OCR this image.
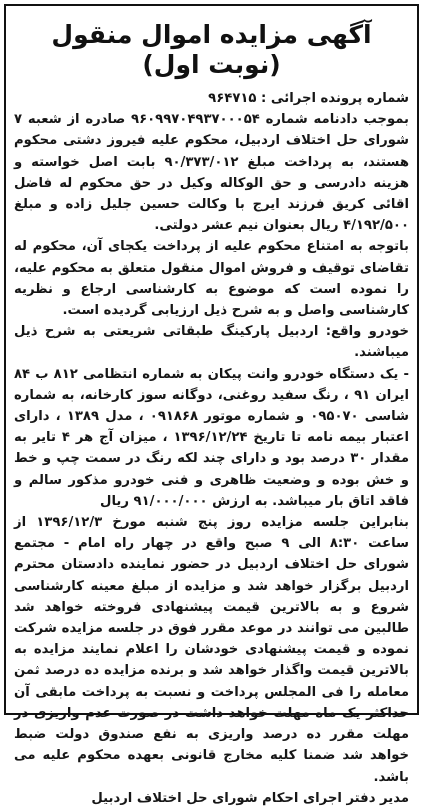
آگهی مزایده اموال منقول (نوبت اول)

شماره پرونده اجرائی : ۹۶۴۷۱۵

بموجب دادنامه شماره ۹۶۰۹۹۷۰۴۹۳۷۰۰۰۵۴ صادره از شعبه ۷ شورای حل اختلاف اردبیل، محکوم علیه فیروز دشتی محکوم هستند، به پرداخت مبلغ ۹۰/۳۷۳/۰۱۲ بابت اصل خواسته و هزینه دادرسی و حق الوکاله وکیل در حق محکوم له فاضل اقائی کریق فرزند ایرج با وکالت حسین جلیل زاده و مبلغ ۴/۱۹۲/۵۰۰ ریال بعنوان نیم عشر دولتی.

باتوجه به امتناع محکوم علیه از پرداخت یکجای آن، محکوم له تقاضای توقیف و فروش اموال منقول متعلق به محکوم علیه، را نموده است که موضوع به کارشناسی ارجاع و نظریه کارشناسی واصل و به شرح ذیل ارزیابی گردیده است.

خودرو واقع: اردبیل پارکینگ طبقاتی شریعتی به شرح ذیل میباشند.

- یک دستگاه خودرو وانت پیکان به شماره انتظامی ۸۱۲ ب ۸۴ ایران ۹۱ ، رنگ سفید روغنی، دوگانه سوز کارخانه، به شماره شاسی ۰۹۵۰۷۰ و شماره موتور ۰۹۱۸۶۸ ، مدل ۱۳۸۹ ، دارای اعتبار بیمه نامه تا تاریخ ۱۳۹۶/۱۲/۲۴ ، میزان آج هر ۴ تایر به مقدار ۳۰ درصد بود و دارای چند لکه رنگ در سمت چپ و خط و خش بوده و وضعیت ظاهری و فنی خودرو مذکور سالم و فاقد اتاق بار میباشد. به ارزش ۹۱/۰۰۰/۰۰۰ ریال

بنابراین جلسه مزایده روز پنج شنبه مورخ ۱۳۹۶/۱۲/۳ از ساعت ۸:۳۰ الی ۹ صبح واقع در چهار راه امام - مجتمع شورای حل اختلاف اردبیل در حضور نماینده دادستان محترم اردبیل برگزار خواهد شد و مزایده از مبلغ معینه کارشناسی شروع و به بالاترین قیمت پیشنهادی فروخته خواهد شد طالبین می توانند در موعد مقرر فوق در جلسه مزایده شرکت نموده و قیمت پیشنهادی خودشان را اعلام نمایند مزایده به بالاترین قیمت واگذار خواهد شد و برنده مزایده ده درصد ثمن معامله را فی المجلس پرداخت و نسبت به پرداخت مابقی آن حداکثر یک ماه مهلت خواهد داشت در صورت عدم واریزی در مهلت مقرر ده درصد واریزی به نفع صندوق دولت ضبط خواهد شد ضمنا کلیه مخارج قانونی بعهده محکوم علیه می باشد.

مدیر دفتر اجرای احکام شورای حل اختلاف اردبیل
